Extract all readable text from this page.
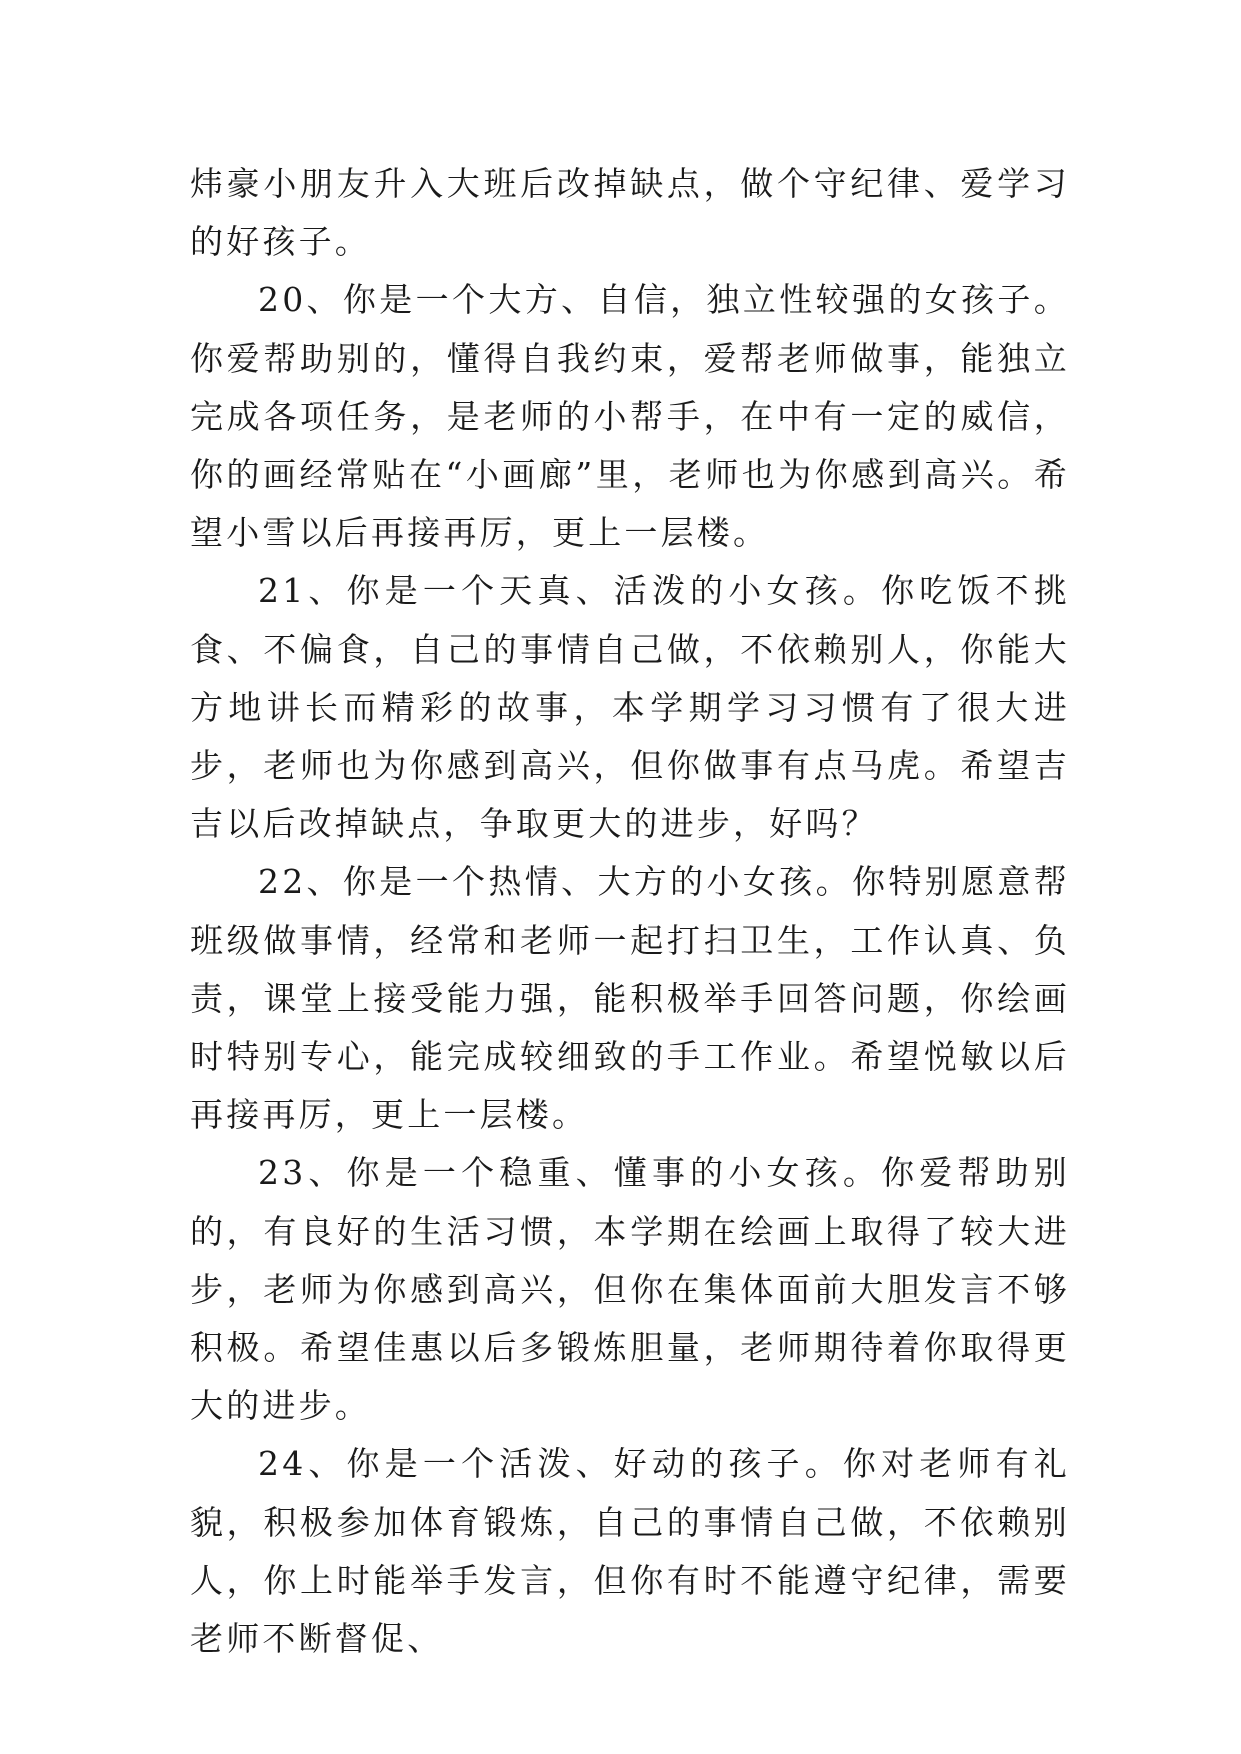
炜豪小朋友升入大班后改掉缺点，做个守纪律、爱学习的好孩子。

20、你是一个大方、自信，独立性较强的女孩子。你爱帮助别的，懂得自我约束，爱帮老师做事，能独立完成各项任务，是老师的小帮手，在中有一定的威信，你的画经常贴在“小画廊”里，老师也为你感到高兴。希望小雪以后再接再厉，更上一层楼。

21、你是一个天真、活泼的小女孩。你吃饭不挑食、不偏食，自己的事情自己做，不依赖别人，你能大方地讲长而精彩的故事，本学期学习习惯有了很大进步，老师也为你感到高兴，但你做事有点马虎。希望吉吉以后改掉缺点，争取更大的进步，好吗？

22、你是一个热情、大方的小女孩。你特别愿意帮班级做事情，经常和老师一起打扫卫生，工作认真、负责，课堂上接受能力强，能积极举手回答问题，你绘画时特别专心，能完成较细致的手工作业。希望悦敏以后再接再厉，更上一层楼。

23、你是一个稳重、懂事的小女孩。你爱帮助别的，有良好的生活习惯，本学期在绘画上取得了较大进步，老师为你感到高兴，但你在集体面前大胆发言不够积极。希望佳惠以后多锻炼胆量，老师期待着你取得更大的进步。

24、你是一个活泼、好动的孩子。你对老师有礼貌，积极参加体育锻炼，自己的事情自己做，不依赖别人，你上时能举手发言，但你有时不能遵守纪律，需要老师不断督促、
